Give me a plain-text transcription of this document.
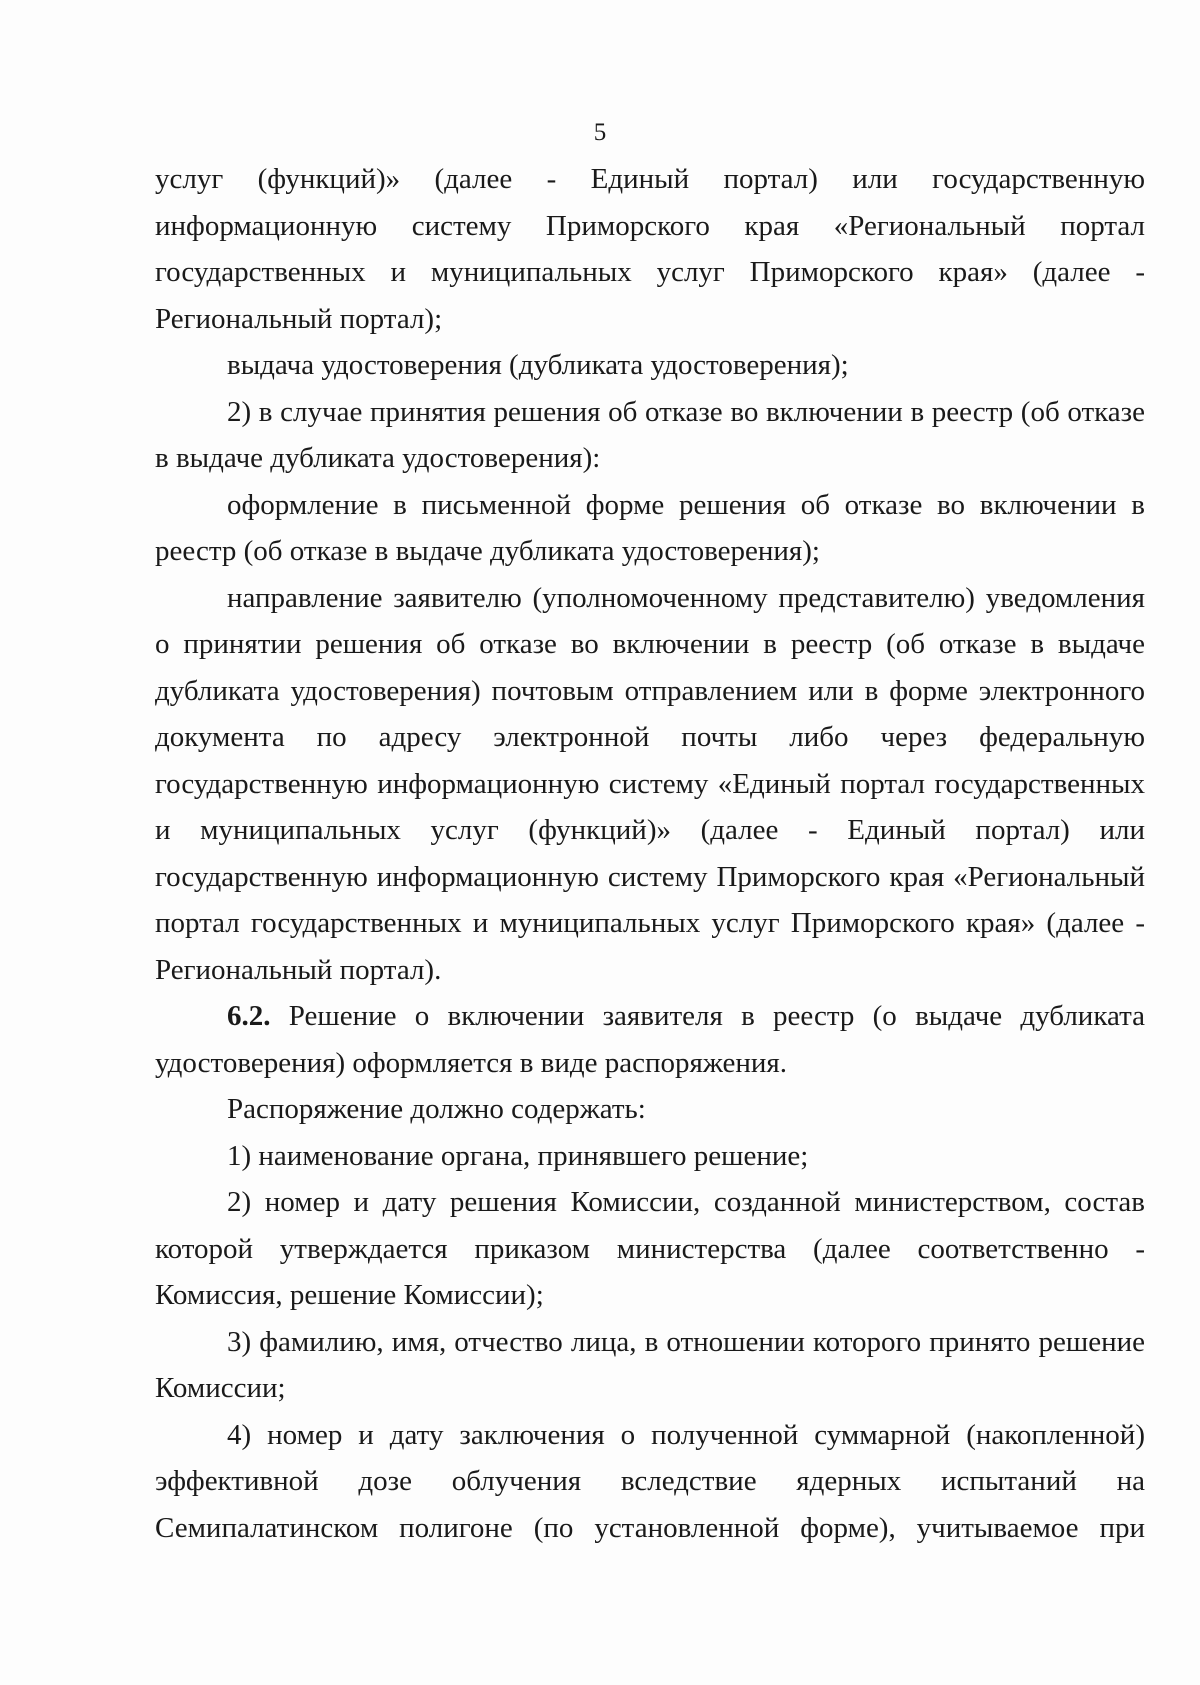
5

услуг (функций)» (далее - Единый портал) или государственную информационную систему Приморского края «Региональный портал государственных и муниципальных услуг Приморского края» (далее - Региональный портал);

выдача удостоверения (дубликата удостоверения);

2) в случае принятия решения об отказе во включении в реестр (об отказе в выдаче дубликата удостоверения):

оформление в письменной форме решения об отказе во включении в реестр (об отказе в выдаче дубликата удостоверения);

направление заявителю (уполномоченному представителю) уведомления о принятии решения об отказе во включении в реестр (об отказе в выдаче дубликата удостоверения) почтовым отправлением или в форме электронного документа по адресу электронной почты либо через федеральную государственную информационную систему «Единый портал государственных и муниципальных услуг (функций)» (далее - Единый портал) или государственную информационную систему Приморского края «Региональный портал государственных и муниципальных услуг Приморского края» (далее - Региональный портал).

6.2. Решение о включении заявителя в реестр (о выдаче дубликата удостоверения) оформляется в виде распоряжения.

Распоряжение должно содержать:

1) наименование органа, принявшего решение;

2) номер и дату решения Комиссии, созданной министерством, состав которой утверждается приказом министерства (далее соответственно - Комиссия, решение Комиссии);

3) фамилию, имя, отчество лица, в отношении которого принято решение Комиссии;

4) номер и дату заключения о полученной суммарной (накопленной) эффективной дозе облучения вследствие ядерных испытаний на Семипалатинском полигоне (по установленной форме), учитываемое при
